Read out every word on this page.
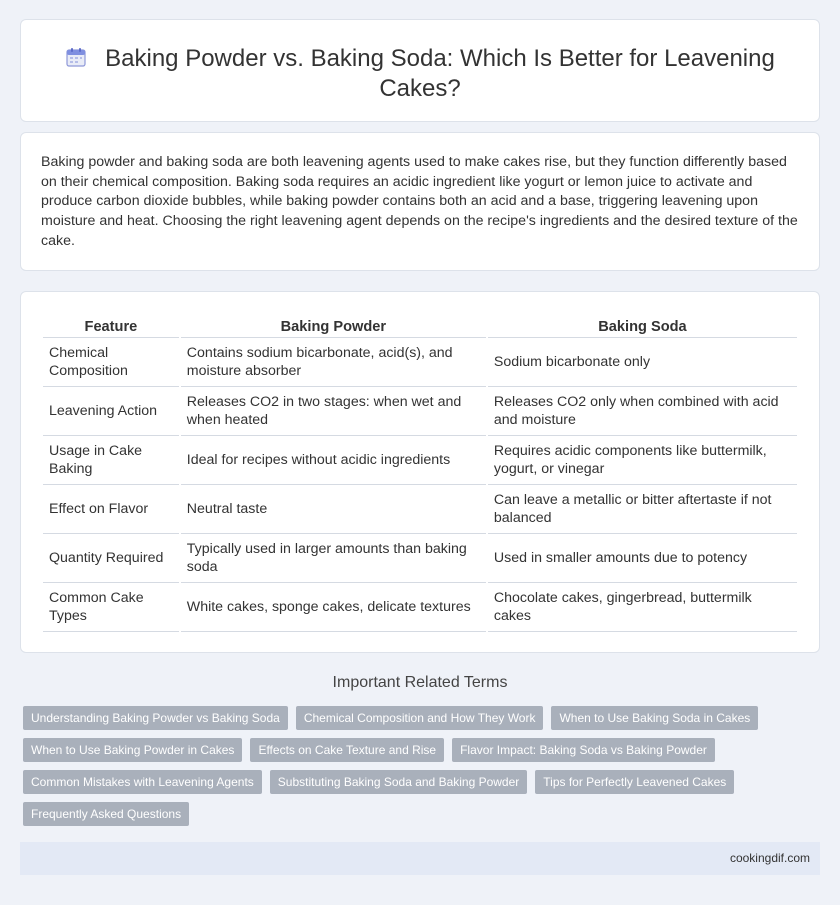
Baking Powder vs. Baking Soda: Which Is Better for Leavening Cakes?

Baking powder and baking soda are both leavening agents used to make cakes rise, but they function differently based on their chemical composition. Baking soda requires an acidic ingredient like yogurt or lemon juice to activate and produce carbon dioxide bubbles, while baking powder contains both an acid and a base, triggering leavening upon moisture and heat. Choosing the right leavening agent depends on the recipe's ingredients and the desired texture of the cake.

Feature	Baking Powder	Baking Soda
Chemical Composition	Contains sodium bicarbonate, acid(s), and moisture absorber	Sodium bicarbonate only
Leavening Action	Releases CO2 in two stages: when wet and when heated	Releases CO2 only when combined with acid and moisture
Usage in Cake Baking	Ideal for recipes without acidic ingredients	Requires acidic components like buttermilk, yogurt, or vinegar
Effect on Flavor	Neutral taste	Can leave a metallic or bitter aftertaste if not balanced
Quantity Required	Typically used in larger amounts than baking soda	Used in smaller amounts due to potency
Common Cake Types	White cakes, sponge cakes, delicate textures	Chocolate cakes, gingerbread, buttermilk cakes
Important Related Terms
Understanding Baking Powder vs Baking Soda	Chemical Composition and How They Work	When to Use Baking Soda in Cakes
When to Use Baking Powder in Cakes	Effects on Cake Texture and Rise	Flavor Impact: Baking Soda vs Baking Powder
Common Mistakes with Leavening Agents	Substituting Baking Soda and Baking Powder	Tips for Perfectly Leavened Cakes
Frequently Asked Questions
cookingdif.com
